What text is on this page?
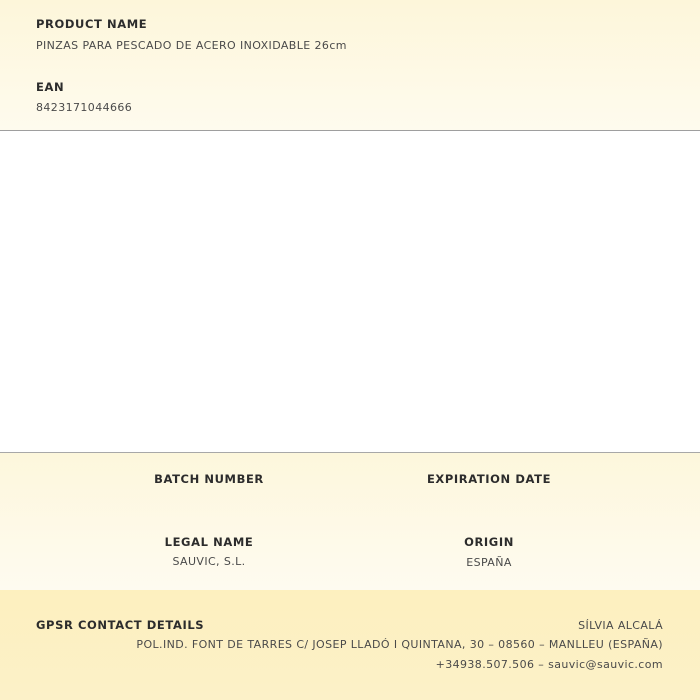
PRODUCT NAME
PINZAS PARA PESCADO DE ACERO INOXIDABLE 26cm
EAN
8423171044666
BATCH NUMBER	EXPIRATION DATE
LEGAL NAME
SAUVIC, S.L.
ORIGIN
ESPAÑA
GPSR CONTACT DETAILS	SÍLVIA ALCALÁ
POL.IND. FONT DE TARRES C/ JOSEP LLADÓ I QUINTANA, 30 – 08560 – MANLLEU (ESPAÑA)
+34938.507.506 – sauvic@sauvic.com
